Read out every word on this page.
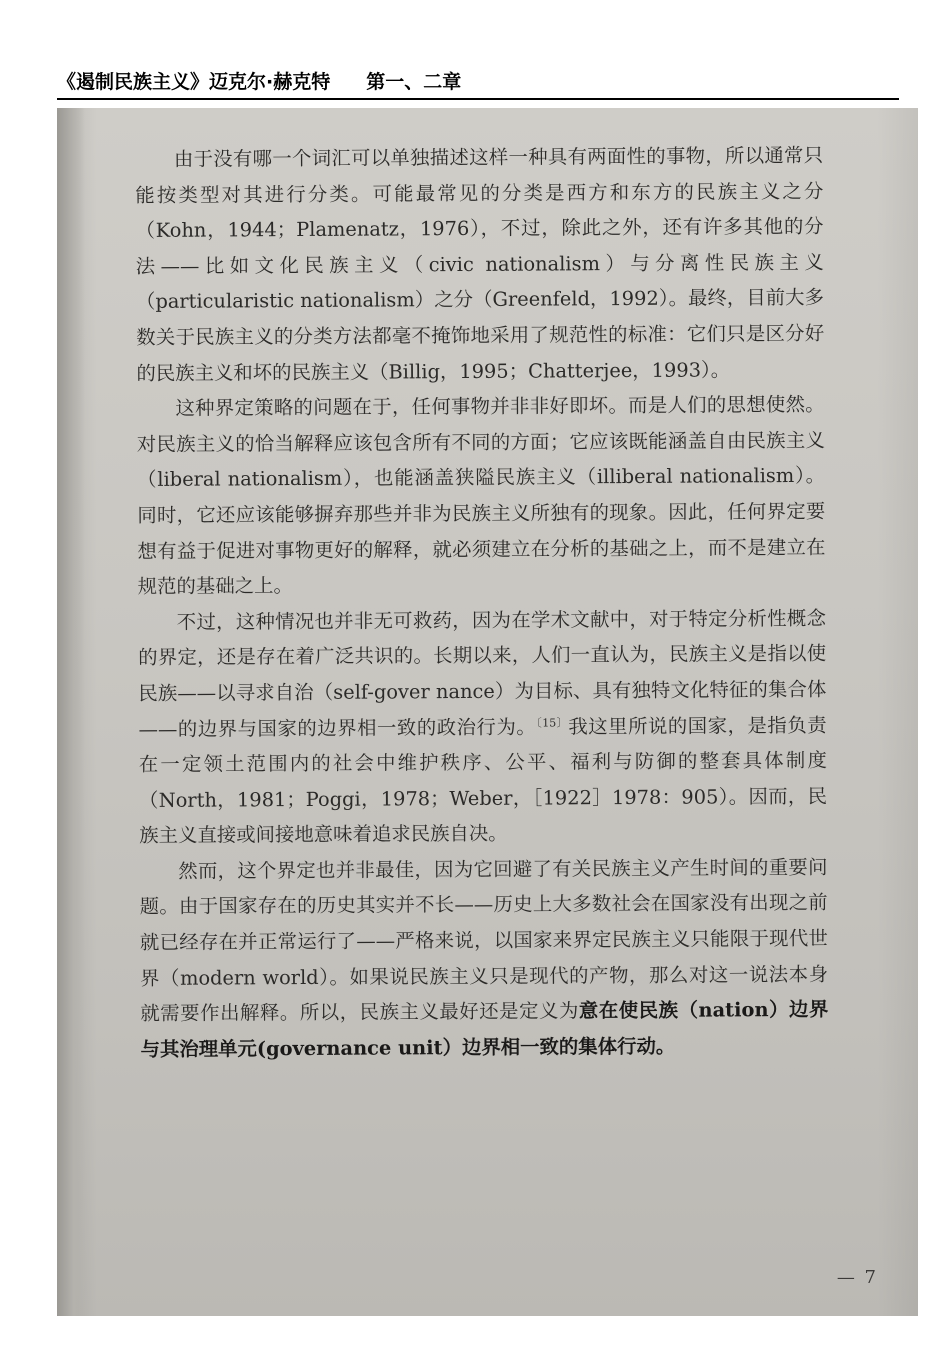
《遏制民族主义》迈克尔·赫克特 第一、二章

由于没有哪一个词汇可以单独描述这样一种具有两面性的事物，所以通常只能按类型对其进行分类。可能最常见的分类是西方和东方的民族主义之分（Kohn，1944；Plamenatz，1976），不过，除此之外，还有许多其他的分法——比如文化民族主义（civic nationalism）与分离性民族主义（particularistic nationalism）之分（Greenfeld，1992）。最终，目前大多数关于民族主义的分类方法都毫不掩饰地采用了规范性的标准：它们只是区分好的民族主义和坏的民族主义（Billig，1995；Chatterjee，1993）。

这种界定策略的问题在于，任何事物并非非好即坏。而是人们的思想使然。对民族主义的恰当解释应该包含所有不同的方面；它应该既能涵盖自由民族主义（liberal nationalism），也能涵盖狭隘民族主义（illiberal nationalism）。同时，它还应该能够摒弃那些并非为民族主义所独有的现象。因此，任何界定要想有益于促进对事物更好的解释，就必须建立在分析的基础之上，而不是建立在规范的基础之上。

不过，这种情况也并非无可救药，因为在学术文献中，对于特定分析性概念的界定，还是存在着广泛共识的。长期以来，人们一直认为，民族主义是指以使民族——以寻求自治（self-gover nance）为目标、具有独特文化特征的集合体——的边界与国家的边界相一致的政治行为。$^{〔15〕}$我这里所说的国家，是指负责在一定领土范围内的社会中维护秩序、公平、福利与防御的整套具体制度（North，1981；Poggi，1978；Weber，［1922］1978：905）。因而，民族主义直接或间接地意味着追求民族自决。

然而，这个界定也并非最佳，因为它回避了有关民族主义产生时间的重要问题。由于国家存在的历史其实并不长——历史上大多数社会在国家没有出现之前就已经存在并正常运行了——严格来说，以国家来界定民族主义只能限于现代世界（modern world）。如果说民族主义只是现代的产物，那么对这一说法本身就需要作出解释。所以，民族主义最好还是定义为意在使民族（nation）边界与其治理单元(governance unit）边界相一致的集体行动。

— 7
